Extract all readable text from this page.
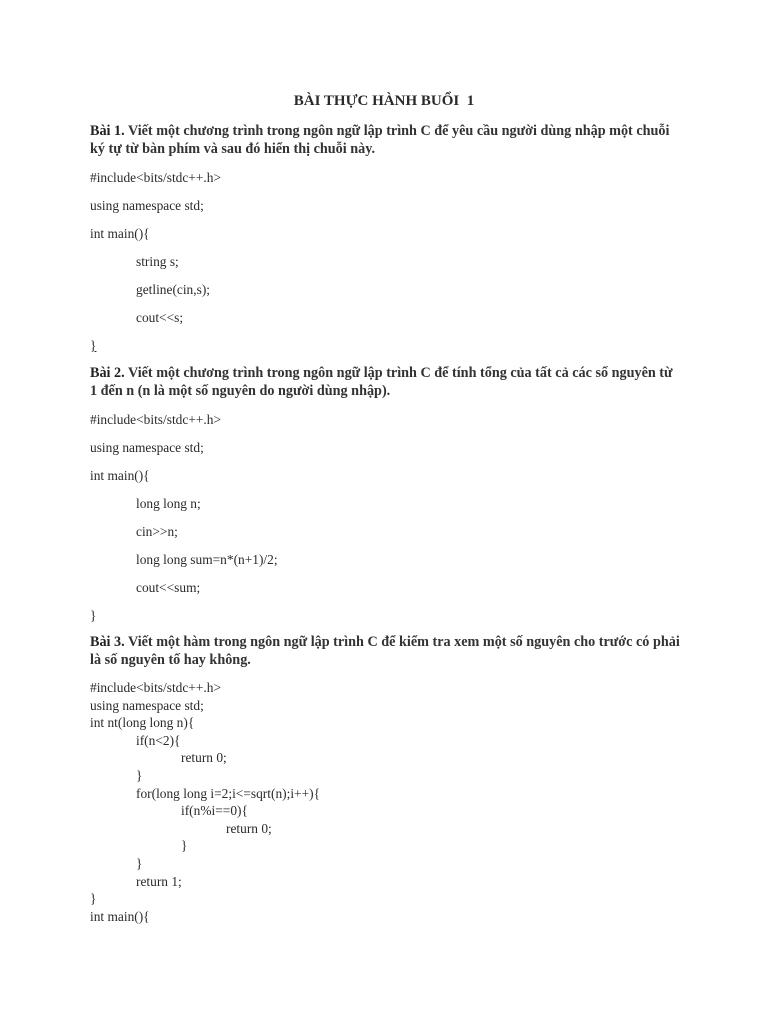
BÀI THỰC HÀNH BUỔI  1
Bài 1. Viết một chương trình trong ngôn ngữ lập trình C để yêu cầu người dùng nhập một chuỗi ký tự từ bàn phím và sau đó hiển thị chuỗi này.

#include<bits/stdc++.h>

using namespace std;

int main(){

string s;

getline(cin,s);

cout<<s;

}

Bài 2. Viết một chương trình trong ngôn ngữ lập trình C để tính tổng của tất cả các số nguyên từ 1 đến n (n là một số nguyên do người dùng nhập).

#include<bits/stdc++.h>

using namespace std;

int main(){

long long n;

cin>>n;

long long sum=n*(n+1)/2;

cout<<sum;

}

Bài 3. Viết một hàm trong ngôn ngữ lập trình C để kiểm tra xem một số nguyên cho trước có phải là số nguyên tố hay không.

#include<bits/stdc++.h>

using namespace std;

int nt(long long n){

if(n<2){

return 0;

}

for(long long i=2;i<=sqrt(n);i++){

if(n%i==0){

return 0;

}

}

return 1;

}

int main(){
